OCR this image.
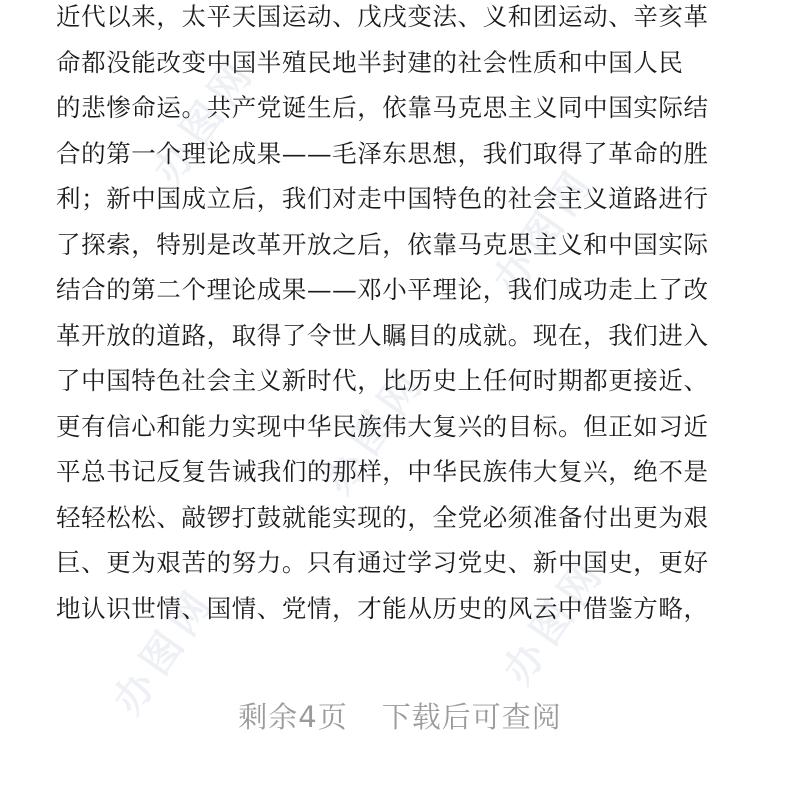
办图网
办图网
办图网
办图网	办图网
近代以来，太平天国运动、戊戌变法、义和团运动、辛亥革
命都没能改变中国半殖民地半封建的社会性质和中国人民
的悲惨命运。共产党诞生后，依靠马克思主义同中国实际结
合的第一个理论成果——毛泽东思想，我们取得了革命的胜
利；新中国成立后，我们对走中国特色的社会主义道路进行
了探索，特别是改革开放之后，依靠马克思主义和中国实际
结合的第二个理论成果——邓小平理论，我们成功走上了改
革开放的道路，取得了令世人瞩目的成就。现在，我们进入
了中国特色社会主义新时代，比历史上任何时期都更接近、
更有信心和能力实现中华民族伟大复兴的目标。但正如习近
平总书记反复告诫我们的那样，中华民族伟大复兴，绝不是
轻轻松松、敲锣打鼓就能实现的，全党必须准备付出更为艰
巨、更为艰苦的努力。只有通过学习党史、新中国史，更好
地认识世情、国情、党情，才能从历史的风云中借鉴方略，
剩余4页 下载后可查阅
